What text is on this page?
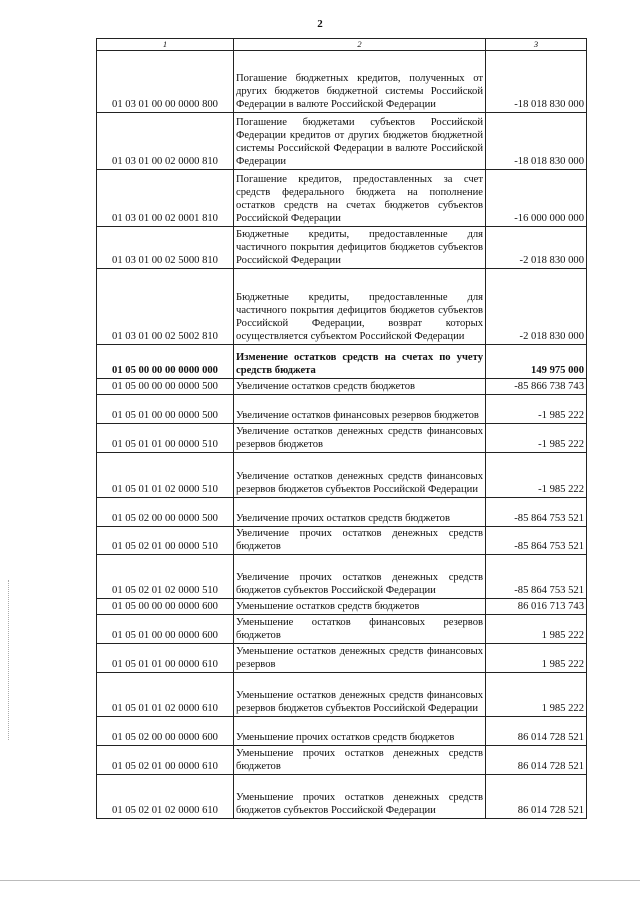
2
1	2	3
01 03 01 00 00 0000 800	Погашение бюджетных кредитов, полученных от других бюджетов бюджетной системы Российской Федерации в валюте Российской Федерации	-18 018 830 000
01 03 01 00 02 0000 810	Погашение бюджетами субъектов Российской Федерации кредитов от других бюджетов бюджетной системы Российской Федерации в валюте Российской Федерации	-18 018 830 000
01 03 01 00 02 0001 810	Погашение кредитов, предоставленных за счет средств федерального бюджета на пополнение остатков средств на счетах бюджетов субъектов Российской Федерации	-16 000 000 000
01 03 01 00 02 5000 810	Бюджетные кредиты, предоставленные для частичного покрытия дефицитов бюджетов субъектов Российской Федерации	-2 018 830 000
01 03 01 00 02 5002 810	Бюджетные кредиты, предоставленные для частичного покрытия дефицитов бюджетов субъектов Российской Федерации, возврат которых осуществляется субъектом Российской Федерации	-2 018 830 000
01 05 00 00 00 0000 000	Изменение остатков средств на счетах по учету средств бюджета	149 975 000
01 05 00 00 00 0000 500	Увеличение остатков средств бюджетов	-85 866 738 743
01 05 01 00 00 0000 500	Увеличение остатков финансовых резервов бюджетов	-1 985 222
01 05 01 01 00 0000 510	Увеличение остатков денежных средств финансовых резервов бюджетов	-1 985 222
01 05 01 01 02 0000 510	Увеличение остатков денежных средств финансовых резервов бюджетов субъектов Российской Федерации	-1 985 222
01 05 02 00 00 0000 500	Увеличение прочих остатков средств бюджетов	-85 864 753 521
01 05 02 01 00 0000 510	Увеличение прочих остатков денежных средств бюджетов	-85 864 753 521
01 05 02 01 02 0000 510	Увеличение прочих остатков денежных средств бюджетов субъектов Российской Федерации	-85 864 753 521
01 05 00 00 00 0000 600	Уменьшение остатков средств бюджетов	86 016 713 743
01 05 01 00 00 0000 600	Уменьшение остатков финансовых резервов бюджетов	1 985 222
01 05 01 01 00 0000 610	Уменьшение остатков денежных средств финансовых резервов	1 985 222
01 05 01 01 02 0000 610	Уменьшение остатков денежных средств финансовых резервов бюджетов субъектов Российской Федерации	1 985 222
01 05 02 00 00 0000 600	Уменьшение прочих остатков средств бюджетов	86 014 728 521
01 05 02 01 00 0000 610	Уменьшение прочих остатков денежных средств бюджетов	86 014 728 521
01 05 02 01 02 0000 610	Уменьшение прочих остатков денежных средств бюджетов субъектов Российской Федерации	86 014 728 521
